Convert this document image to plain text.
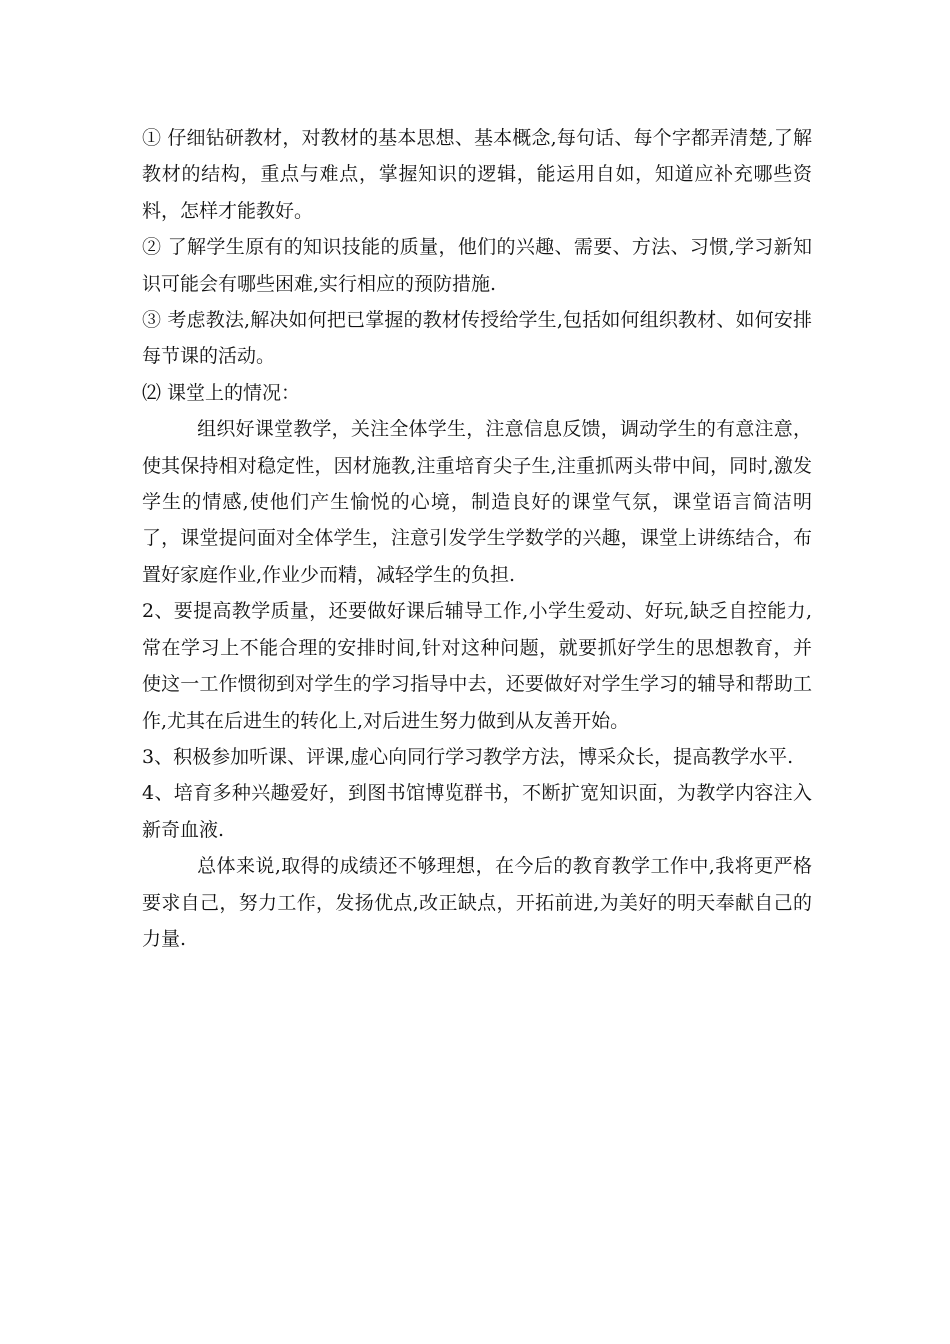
① 仔细钻研教材，对教材的基本思想、基本概念,每句话、每个字都弄清楚,了解教材的结构，重点与难点，掌握知识的逻辑，能运用自如，知道应补充哪些资料，怎样才能教好。

② 了解学生原有的知识技能的质量，他们的兴趣、需要、方法、习惯,学习新知识可能会有哪些困难,实行相应的预防措施.

③ 考虑教法,解决如何把已掌握的教材传授给学生,包括如何组织教材、如何安排每节课的活动。

⑵ 课堂上的情况：

组织好课堂教学，关注全体学生，注意信息反馈，调动学生的有意注意，使其保持相对稳定性，因材施教,注重培育尖子生,注重抓两头带中间，同时,激发学生的情感,使他们产生愉悦的心境，制造良好的课堂气氛，课堂语言简洁明了，课堂提问面对全体学生，注意引发学生学数学的兴趣，课堂上讲练结合，布置好家庭作业,作业少而精，减轻学生的负担.

2、要提高教学质量，还要做好课后辅导工作,小学生爱动、好玩,缺乏自控能力,常在学习上不能合理的安排时间,针对这种问题，就要抓好学生的思想教育，并使这一工作惯彻到对学生的学习指导中去，还要做好对学生学习的辅导和帮助工作,尤其在后进生的转化上,对后进生努力做到从友善开始。

3、积极参加听课、评课,虚心向同行学习教学方法，博采众长，提高教学水平.

4、培育多种兴趣爱好，到图书馆博览群书，不断扩宽知识面，为教学内容注入新奇血液.

总体来说,取得的成绩还不够理想，在今后的教育教学工作中,我将更严格要求自己，努力工作，发扬优点,改正缺点，开拓前进,为美好的明天奉献自己的力量.
